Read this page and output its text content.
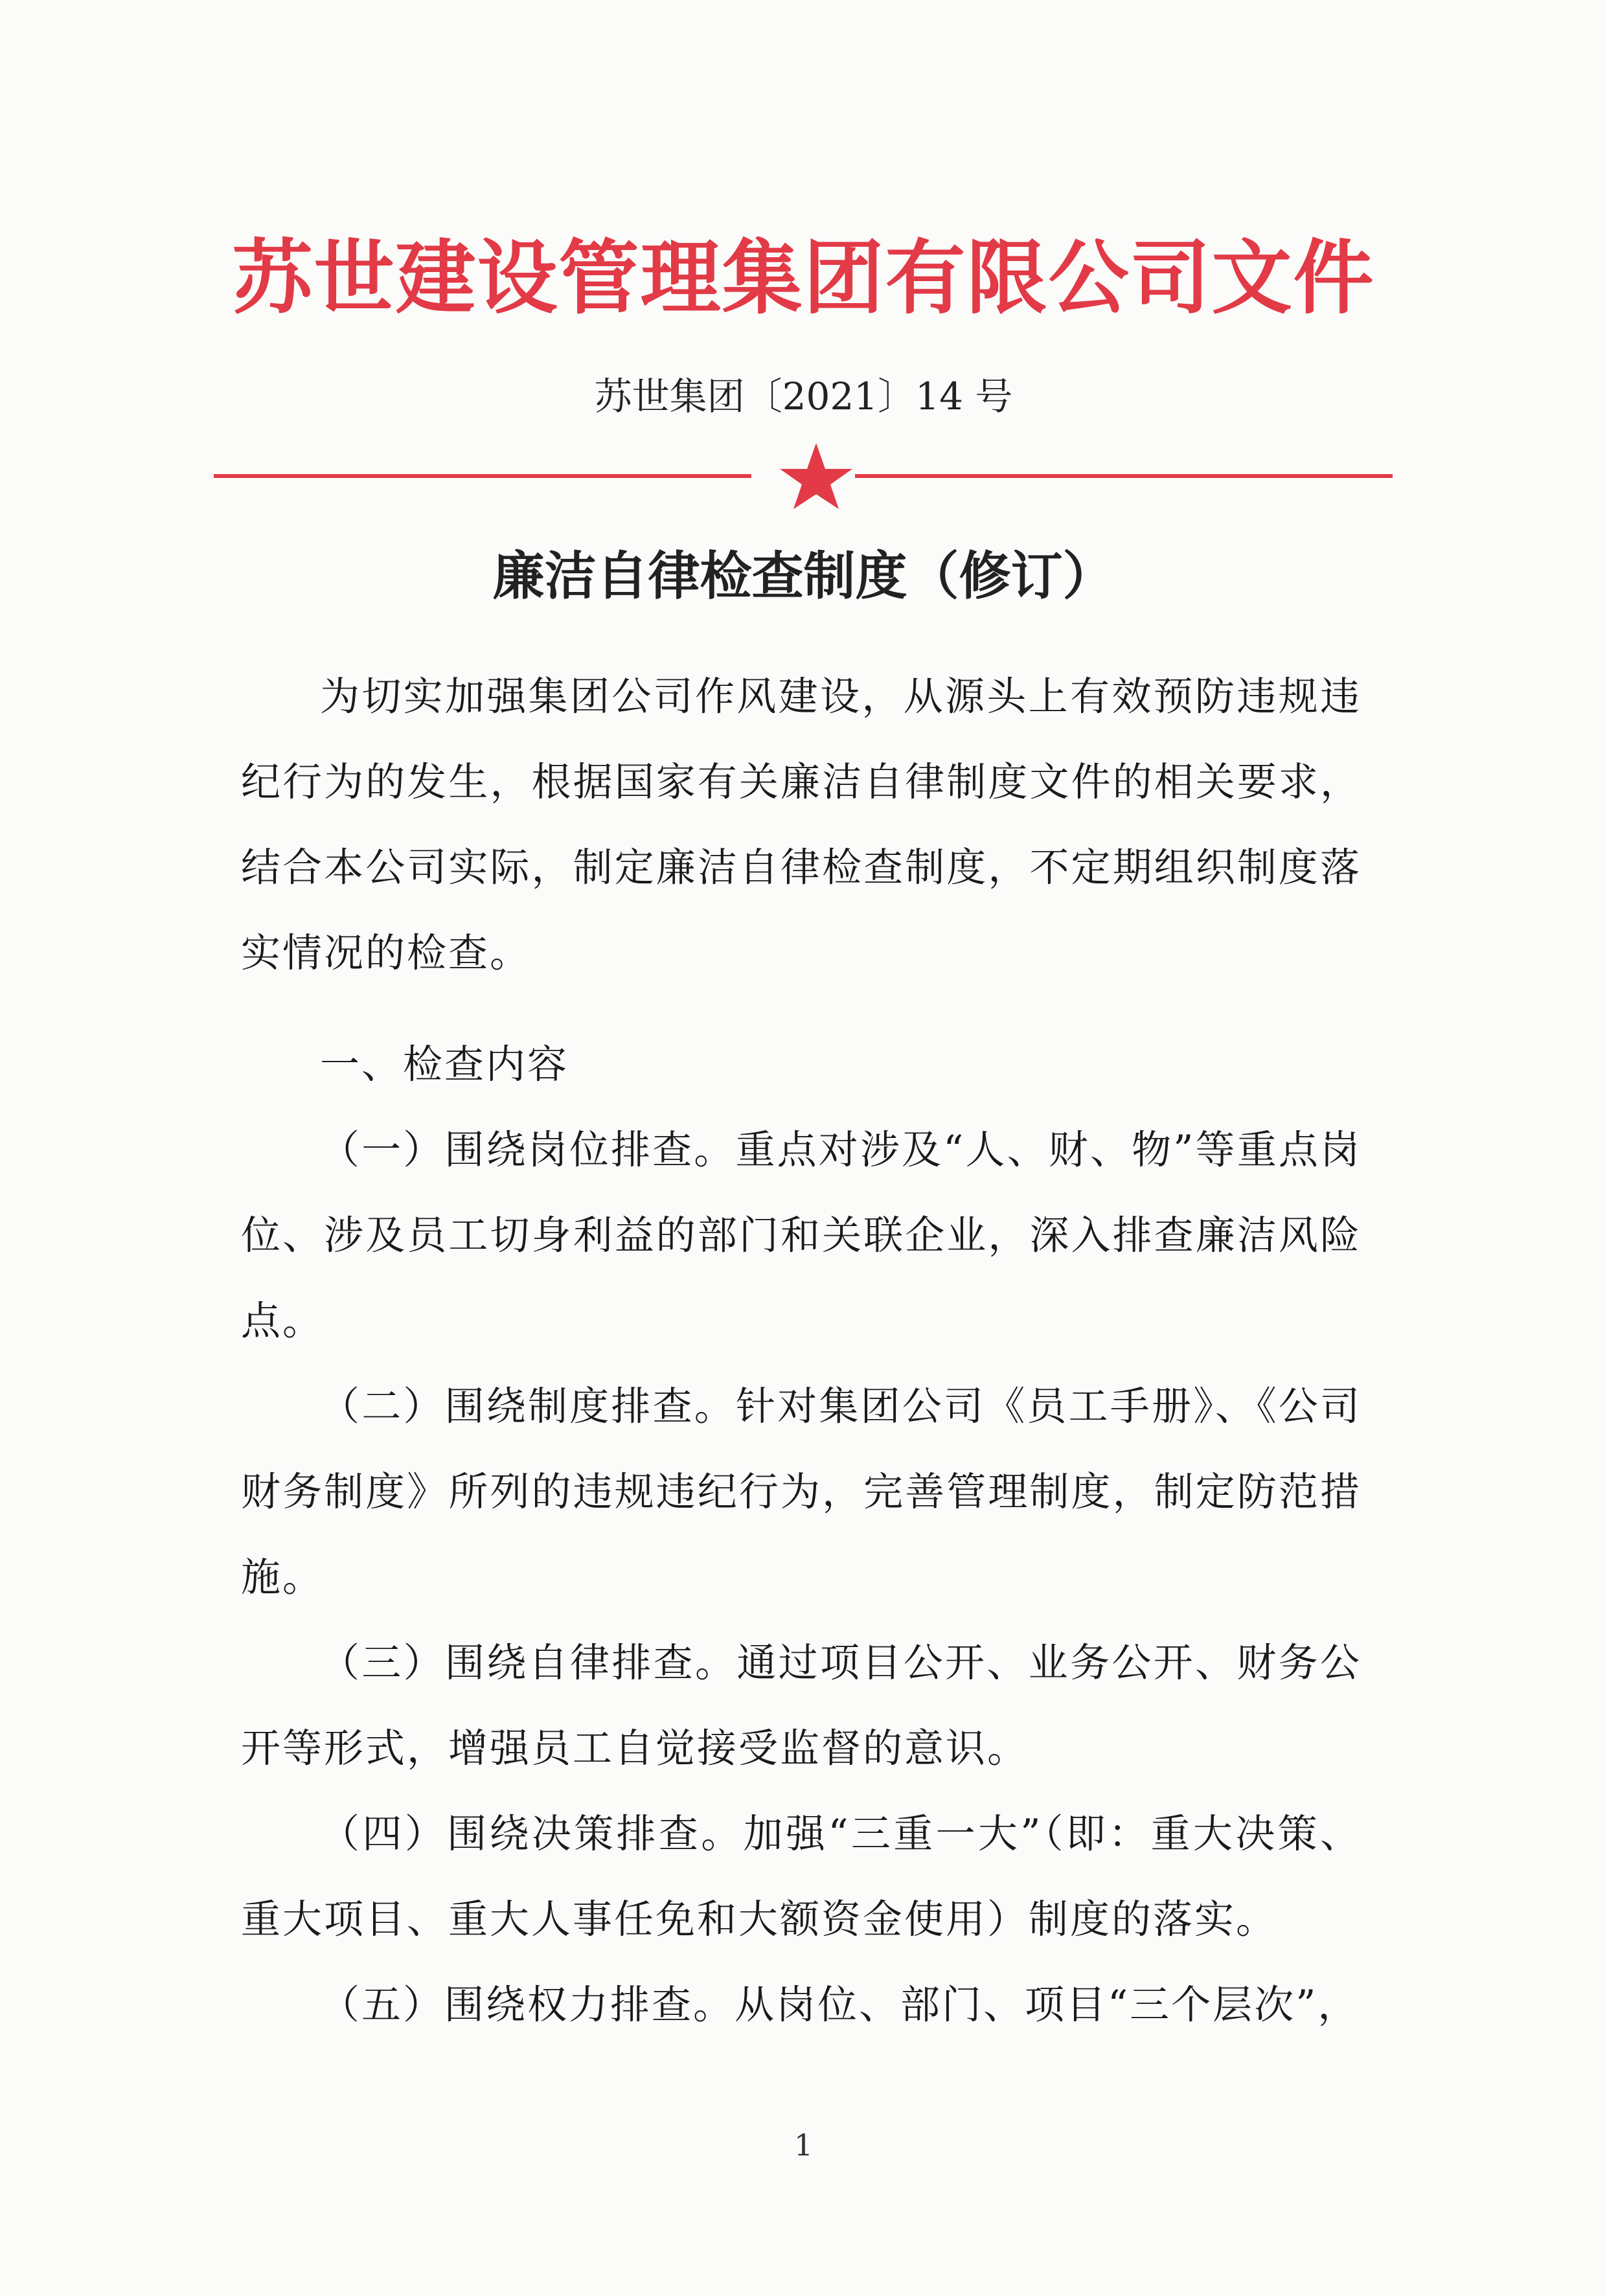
苏世建设管理集团有限公司文件
苏世集团〔2021〕14 号
廉洁自律检查制度（修订）

为切实加强集团公司作风建设，从源头上有效预防违规违纪行为的发生，根据国家有关廉洁自律制度文件的相关要求，结合本公司实际，制定廉洁自律检查制度，不定期组织制度落实情况的检查。

一、检查内容

（一）围绕岗位排查。重点对涉及“人、财、物”等重点岗位、涉及员工切身利益的部门和关联企业，深入排查廉洁风险点。

（二）围绕制度排查。针对集团公司《员工手册》、《公司财务制度》所列的违规违纪行为，完善管理制度，制定防范措施。

（三）围绕自律排查。通过项目公开、业务公开、财务公开等形式，增强员工自觉接受监督的意识。

（四）围绕决策排查。加强“三重一大”（即：重大决策、重大项目、重大人事任免和大额资金使用）制度的落实。

（五）围绕权力排查。从岗位、部门、项目“三个层次”，

1
